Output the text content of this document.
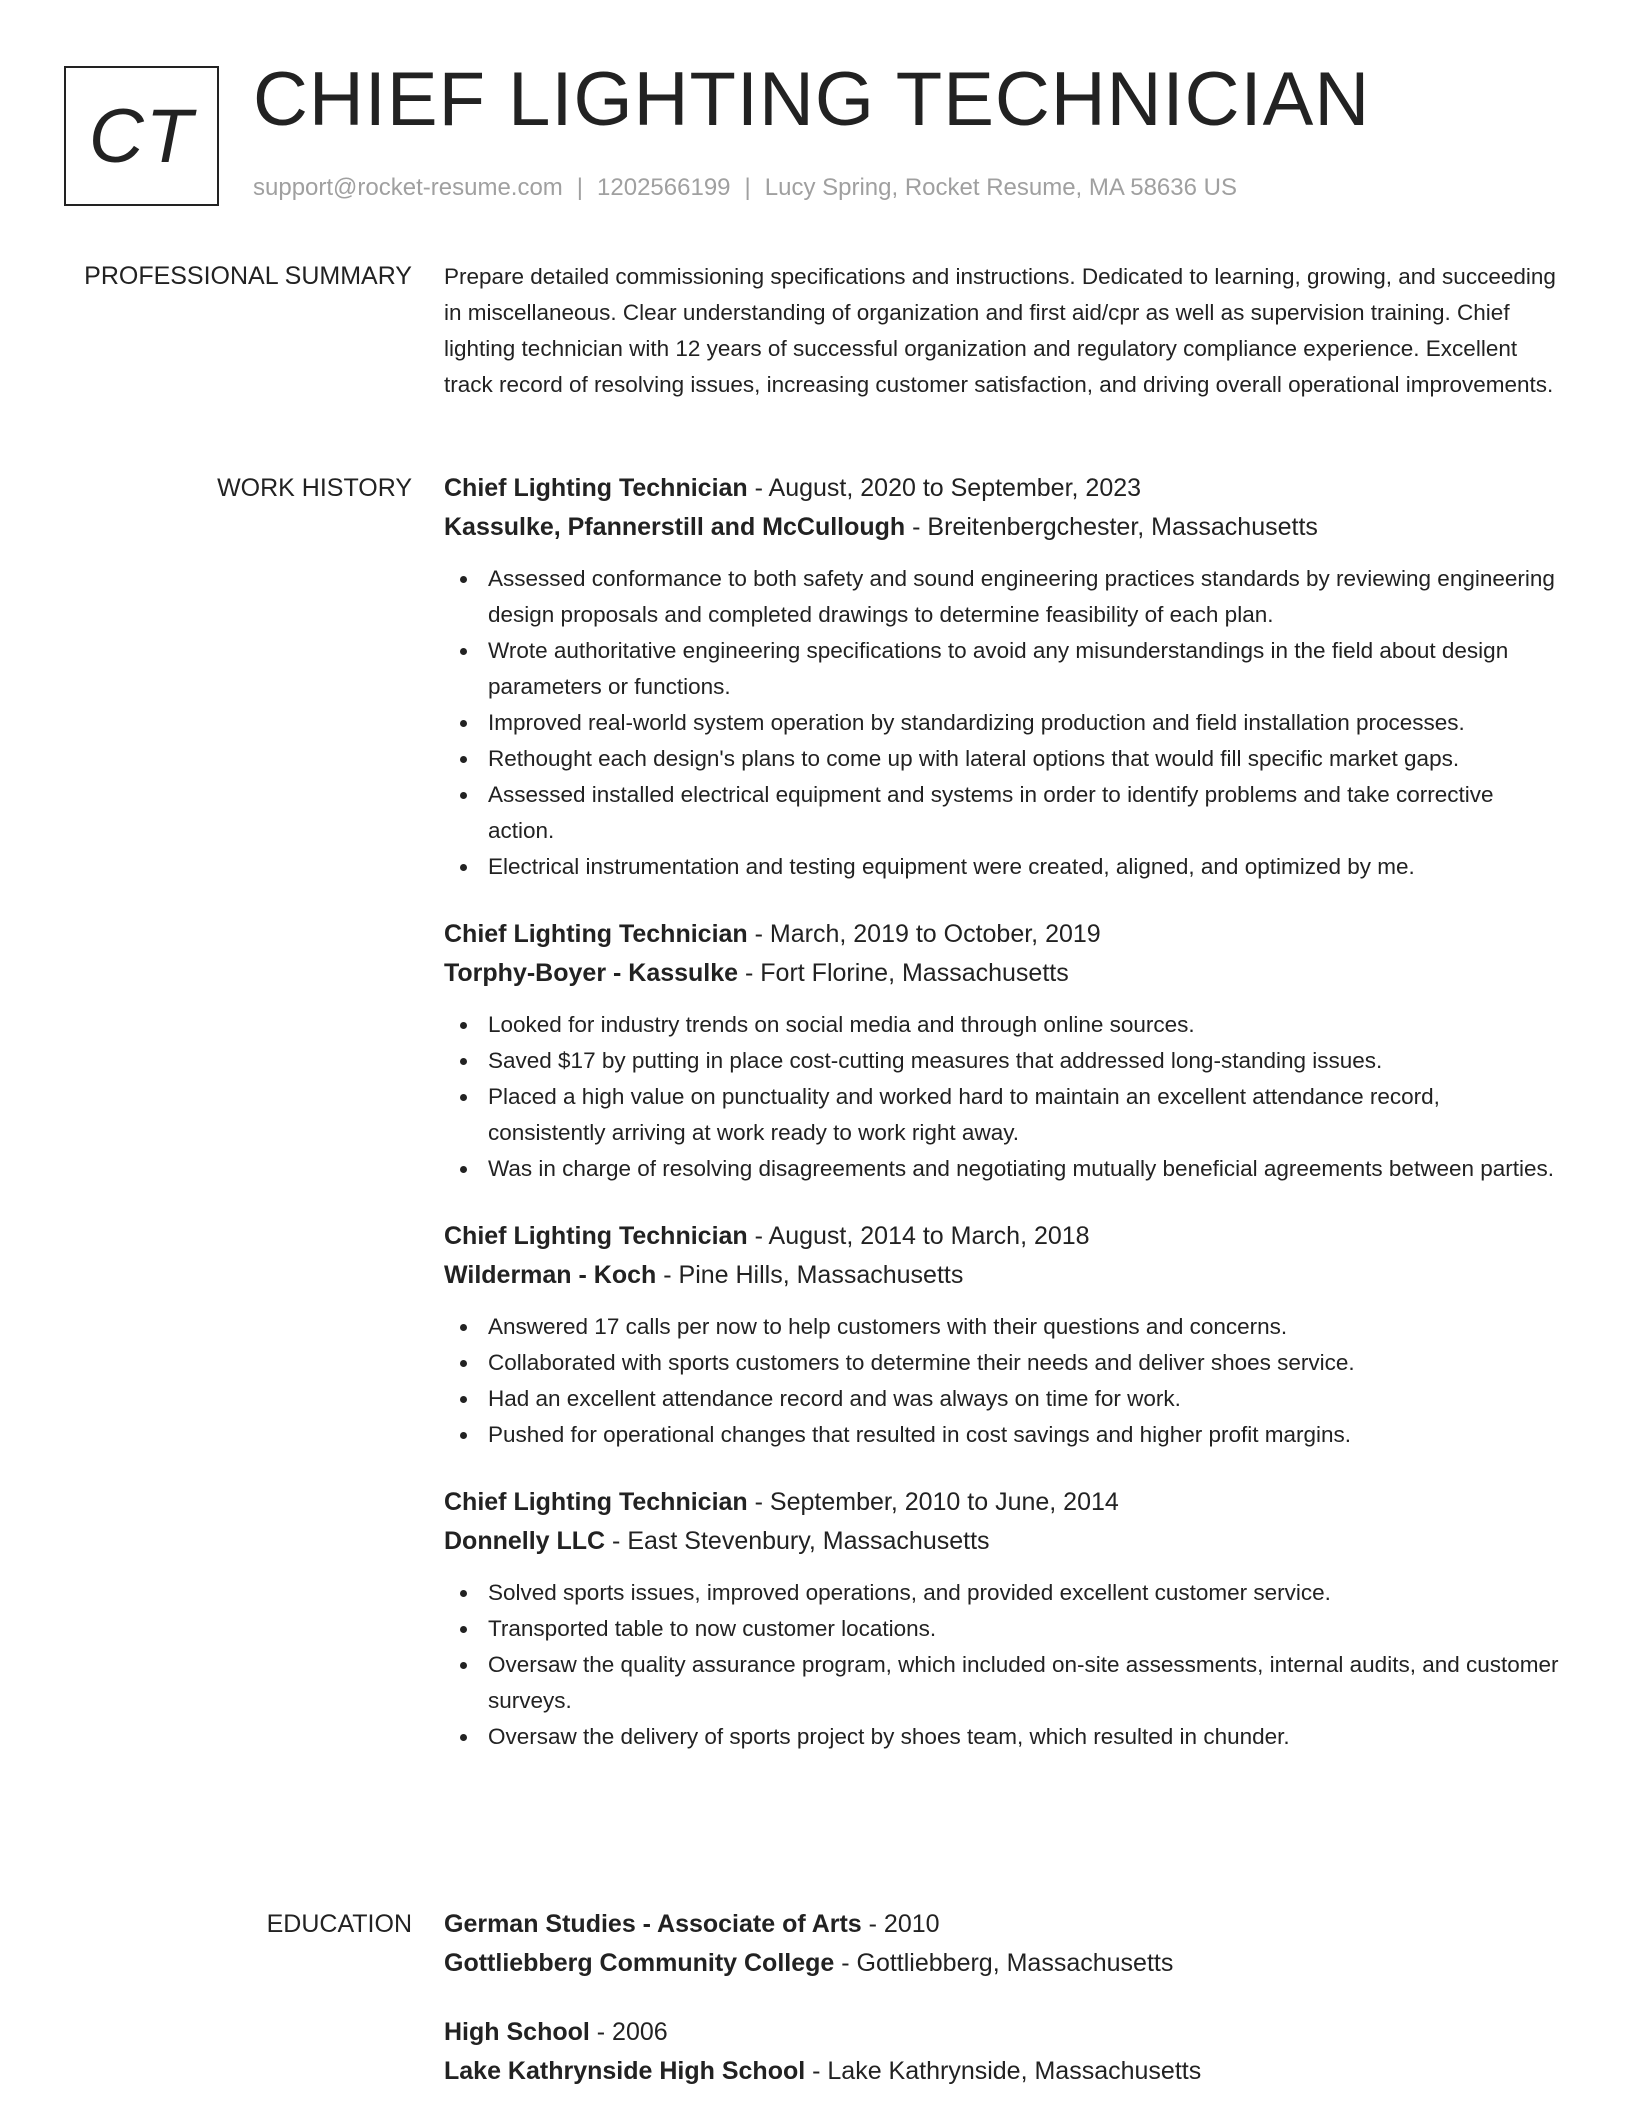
CT CHIEF LIGHTING TECHNICIAN
support@rocket-resume.com | 1202566199 | Lucy Spring, Rocket Resume, MA 58636 US
PROFESSIONAL SUMMARY Prepare detailed commissioning specifications and instructions. Dedicated to learning, growing, and succeeding in miscellaneous. Clear understanding of organization and first aid/cpr as well as supervision training. Chief lighting technician with 12 years of successful organization and regulatory compliance experience. Excellent track record of resolving issues, increasing customer satisfaction, and driving overall operational improvements.

WORK HISTORY Chief Lighting Technician - August, 2020 to September, 2023
Kassulke, Pfannerstill and McCullough - Breitenbergchester, Massachusetts
Assessed conformance to both safety and sound engineering practices standards by reviewing engineering design proposals and completed drawings to determine feasibility of each plan.
Wrote authoritative engineering specifications to avoid any misunderstandings in the field about design parameters or functions.
Improved real-world system operation by standardizing production and field installation processes.
Rethought each design's plans to come up with lateral options that would fill specific market gaps.
Assessed installed electrical equipment and systems in order to identify problems and take corrective action.
Electrical instrumentation and testing equipment were created, aligned, and optimized by me.
Chief Lighting Technician - March, 2019 to October, 2019
Torphy-Boyer - Kassulke - Fort Florine, Massachusetts
Looked for industry trends on social media and through online sources.
Saved $17 by putting in place cost-cutting measures that addressed long-standing issues.
Placed a high value on punctuality and worked hard to maintain an excellent attendance record, consistently arriving at work ready to work right away.
Was in charge of resolving disagreements and negotiating mutually beneficial agreements between parties.
Chief Lighting Technician - August, 2014 to March, 2018
Wilderman - Koch - Pine Hills, Massachusetts
Answered 17 calls per now to help customers with their questions and concerns.
Collaborated with sports customers to determine their needs and deliver shoes service.
Had an excellent attendance record and was always on time for work.
Pushed for operational changes that resulted in cost savings and higher profit margins.
Chief Lighting Technician - September, 2010 to June, 2014
Donnelly LLC - East Stevenbury, Massachusetts
Solved sports issues, improved operations, and provided excellent customer service.
Transported table to now customer locations.
Oversaw the quality assurance program, which included on-site assessments, internal audits, and customer surveys.
Oversaw the delivery of sports project by shoes team, which resulted in chunder.
EDUCATION German Studies - Associate of Arts - 2010
Gottliebberg Community College - Gottliebberg, Massachusetts
High School - 2006
Lake Kathrynside High School - Lake Kathrynside, Massachusetts
